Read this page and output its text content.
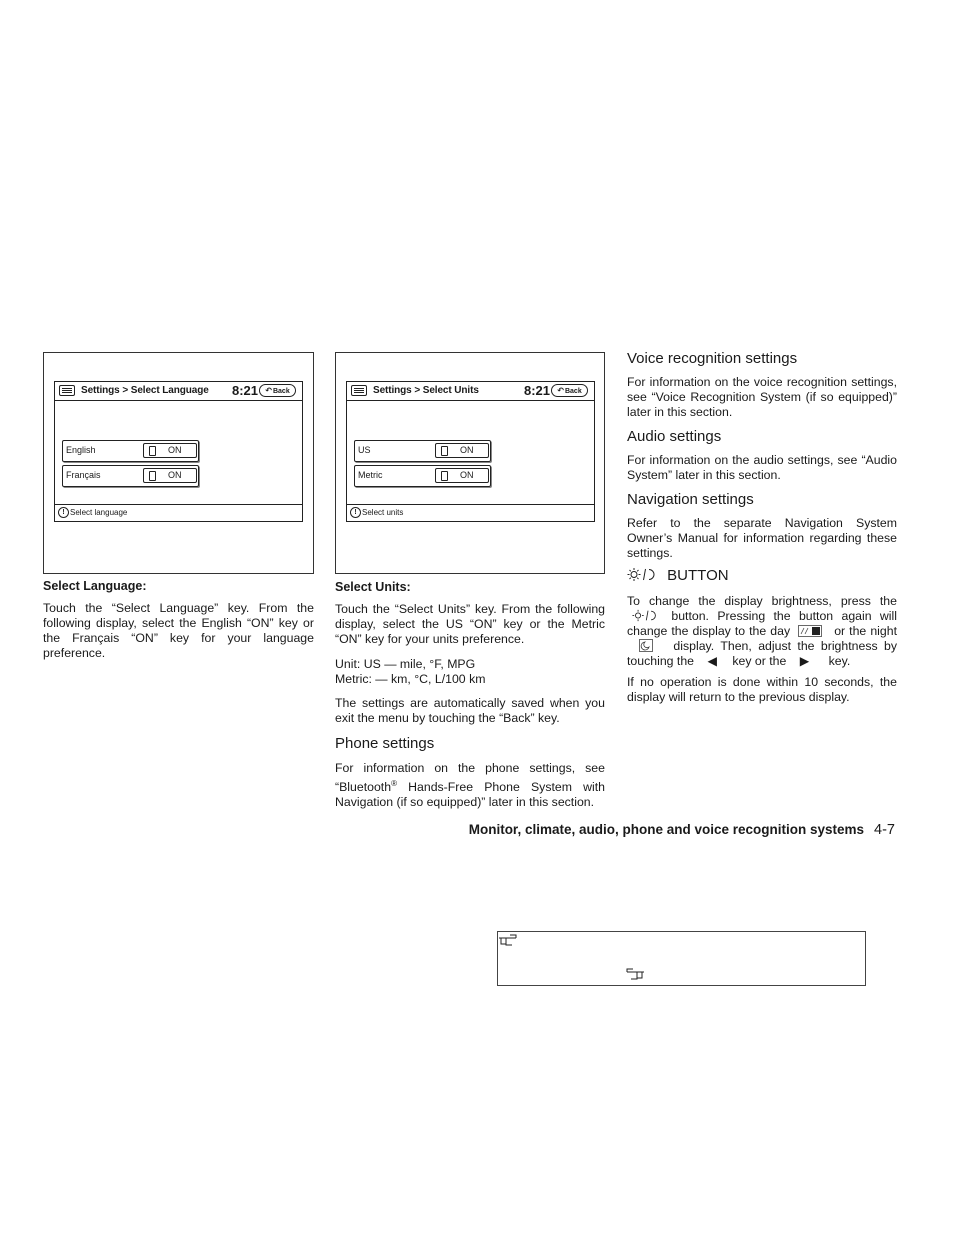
Settings > Select Language 8:21 ↶Back
English	ON
Français	ON
! Select language
Settings > Select Units	8:21 ↶Back
US	ON
Metric	ON
! Select units
Select Language:
Touch the “Select Language” key. From the following display, select the English “ON” key or the Français “ON” key for your language preference.
Select Units:
Touch the “Select Units” key. From the following display, select the US “ON” key or the Metric “ON” key for your units preference.
Unit: US — mile, °F, MPG
Metric: — km, °C, L/100 km
The settings are automatically saved when you exit the menu by touching the “Back” key.
Phone settings
For information on the phone settings, see “Bluetooth® Hands-Free Phone System with Navigation (if so equipped)” later in this section.
Voice recognition settings
For information on the voice recognition settings, see “Voice Recognition System (if so equipped)” later in this section.
Audio settings
For information on the audio settings, see “Audio System” later in this section.
Navigation settings
Refer to the separate Navigation System Owner’s Manual for information regarding these settings.
BUTTON
To change the display brightness, press the  button. Pressing the button again will change the display to the day	or the night  display. Then, adjust the brightness by touching the ◀ key or the ▶ key.
If no operation is done within 10 seconds, the display will return to the previous display.
Monitor, climate, audio, phone and voice recognition systems 4-7
